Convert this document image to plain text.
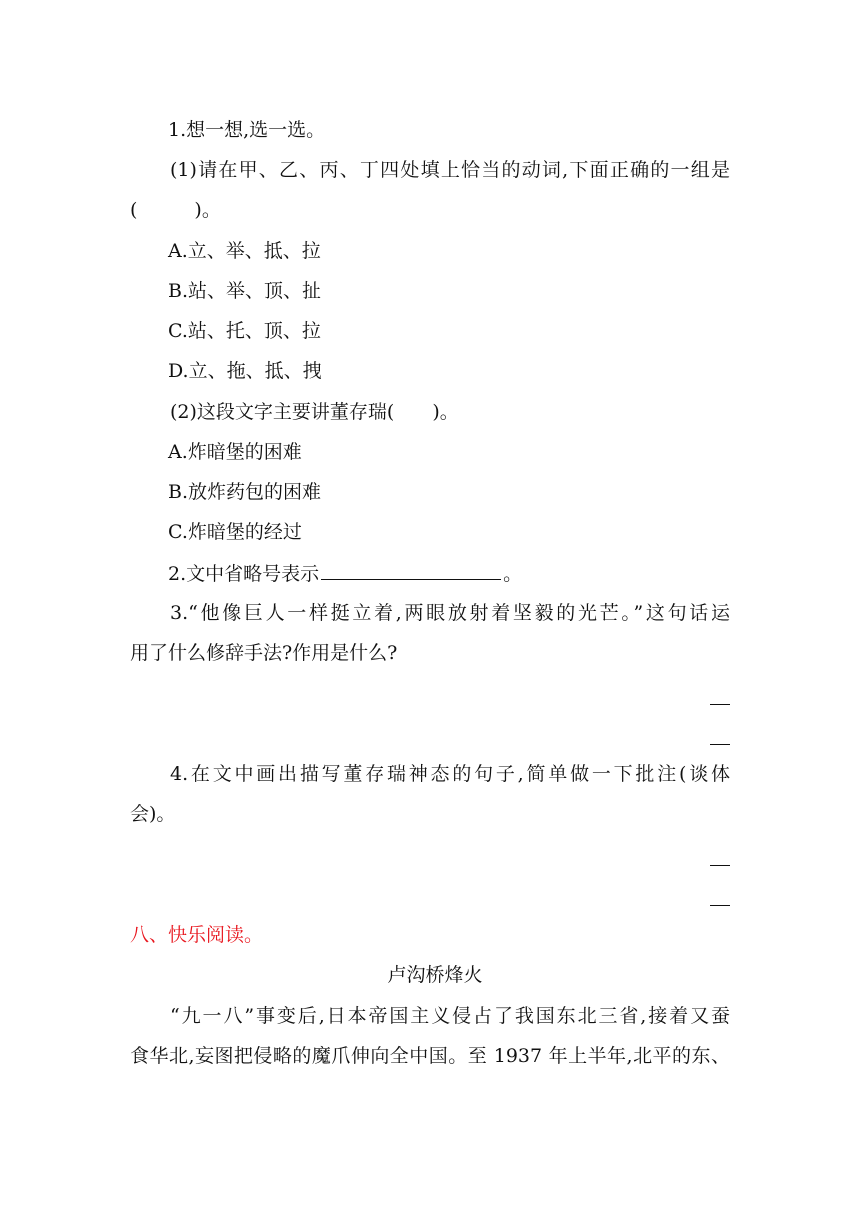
1.想一想,选一选。
(1)请在甲、乙、丙、丁四处填上恰当的动词,下面正确的一组是
(　　　)。
A.立、举、抵、拉
B.站、举、顶、扯
C.站、托、顶、拉
D.立、拖、抵、拽
(2)这段文字主要讲董存瑞(　　)。
A.炸暗堡的困难
B.放炸药包的困难
C.炸暗堡的经过
2.文中省略号表示	。
3.“他像巨人一样挺立着,两眼放射着坚毅的光芒。”这句话运
用了什么修辞手法?作用是什么?
4.在文中画出描写董存瑞神态的句子,简单做一下批注(谈体
会)。
八、快乐阅读。
卢沟桥烽火
“九一八”事变后,日本帝国主义侵占了我国东北三省,接着又蚕
食华北,妄图把侵略的魔爪伸向全中国。至 1937 年上半年,北平的东、
